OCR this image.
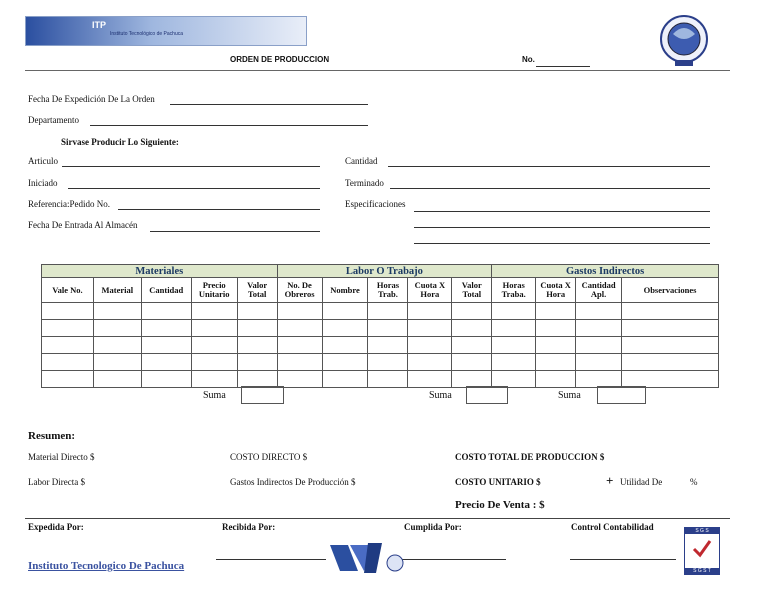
ITP
Instituto Tecnológico de Pachuca
ORDEN DE PRODUCCION	No.
Fecha De Expedición De La Orden
Departamento
Sirvase Producir Lo Siguiente:
Articulo	Cantidad
Iniciado	Terminado
Referencia:Pedido No.	Especificaciones
Fecha De Entrada Al Almacén
Materiales					Labor O Trabajo					Gastos Indirectos			
Vale No.	Material	Cantidad	Precio Unitario	Valor Total	No. De Obreros	Nombre	Horas Trab.	Cuota X Hora	Valor Total	Horas Traba.	Cuota X Hora	Cantidad Apl.	Observaciones

Suma	Suma	Suma
Resumen:
Material Directo $	COSTO DIRECTO $	COSTO TOTAL DE PRODUCCION $
Labor Directa $	Gastos Indirectos De Producción $	COSTO UNITARIO $	+ Utilidad De	%
Precio De Venta : $
Expedida Por:	Recibida Por:	Cumplida Por:	Control Contabilidad
Instituto Tecnologico De Pachuca
S G S
S G S T
